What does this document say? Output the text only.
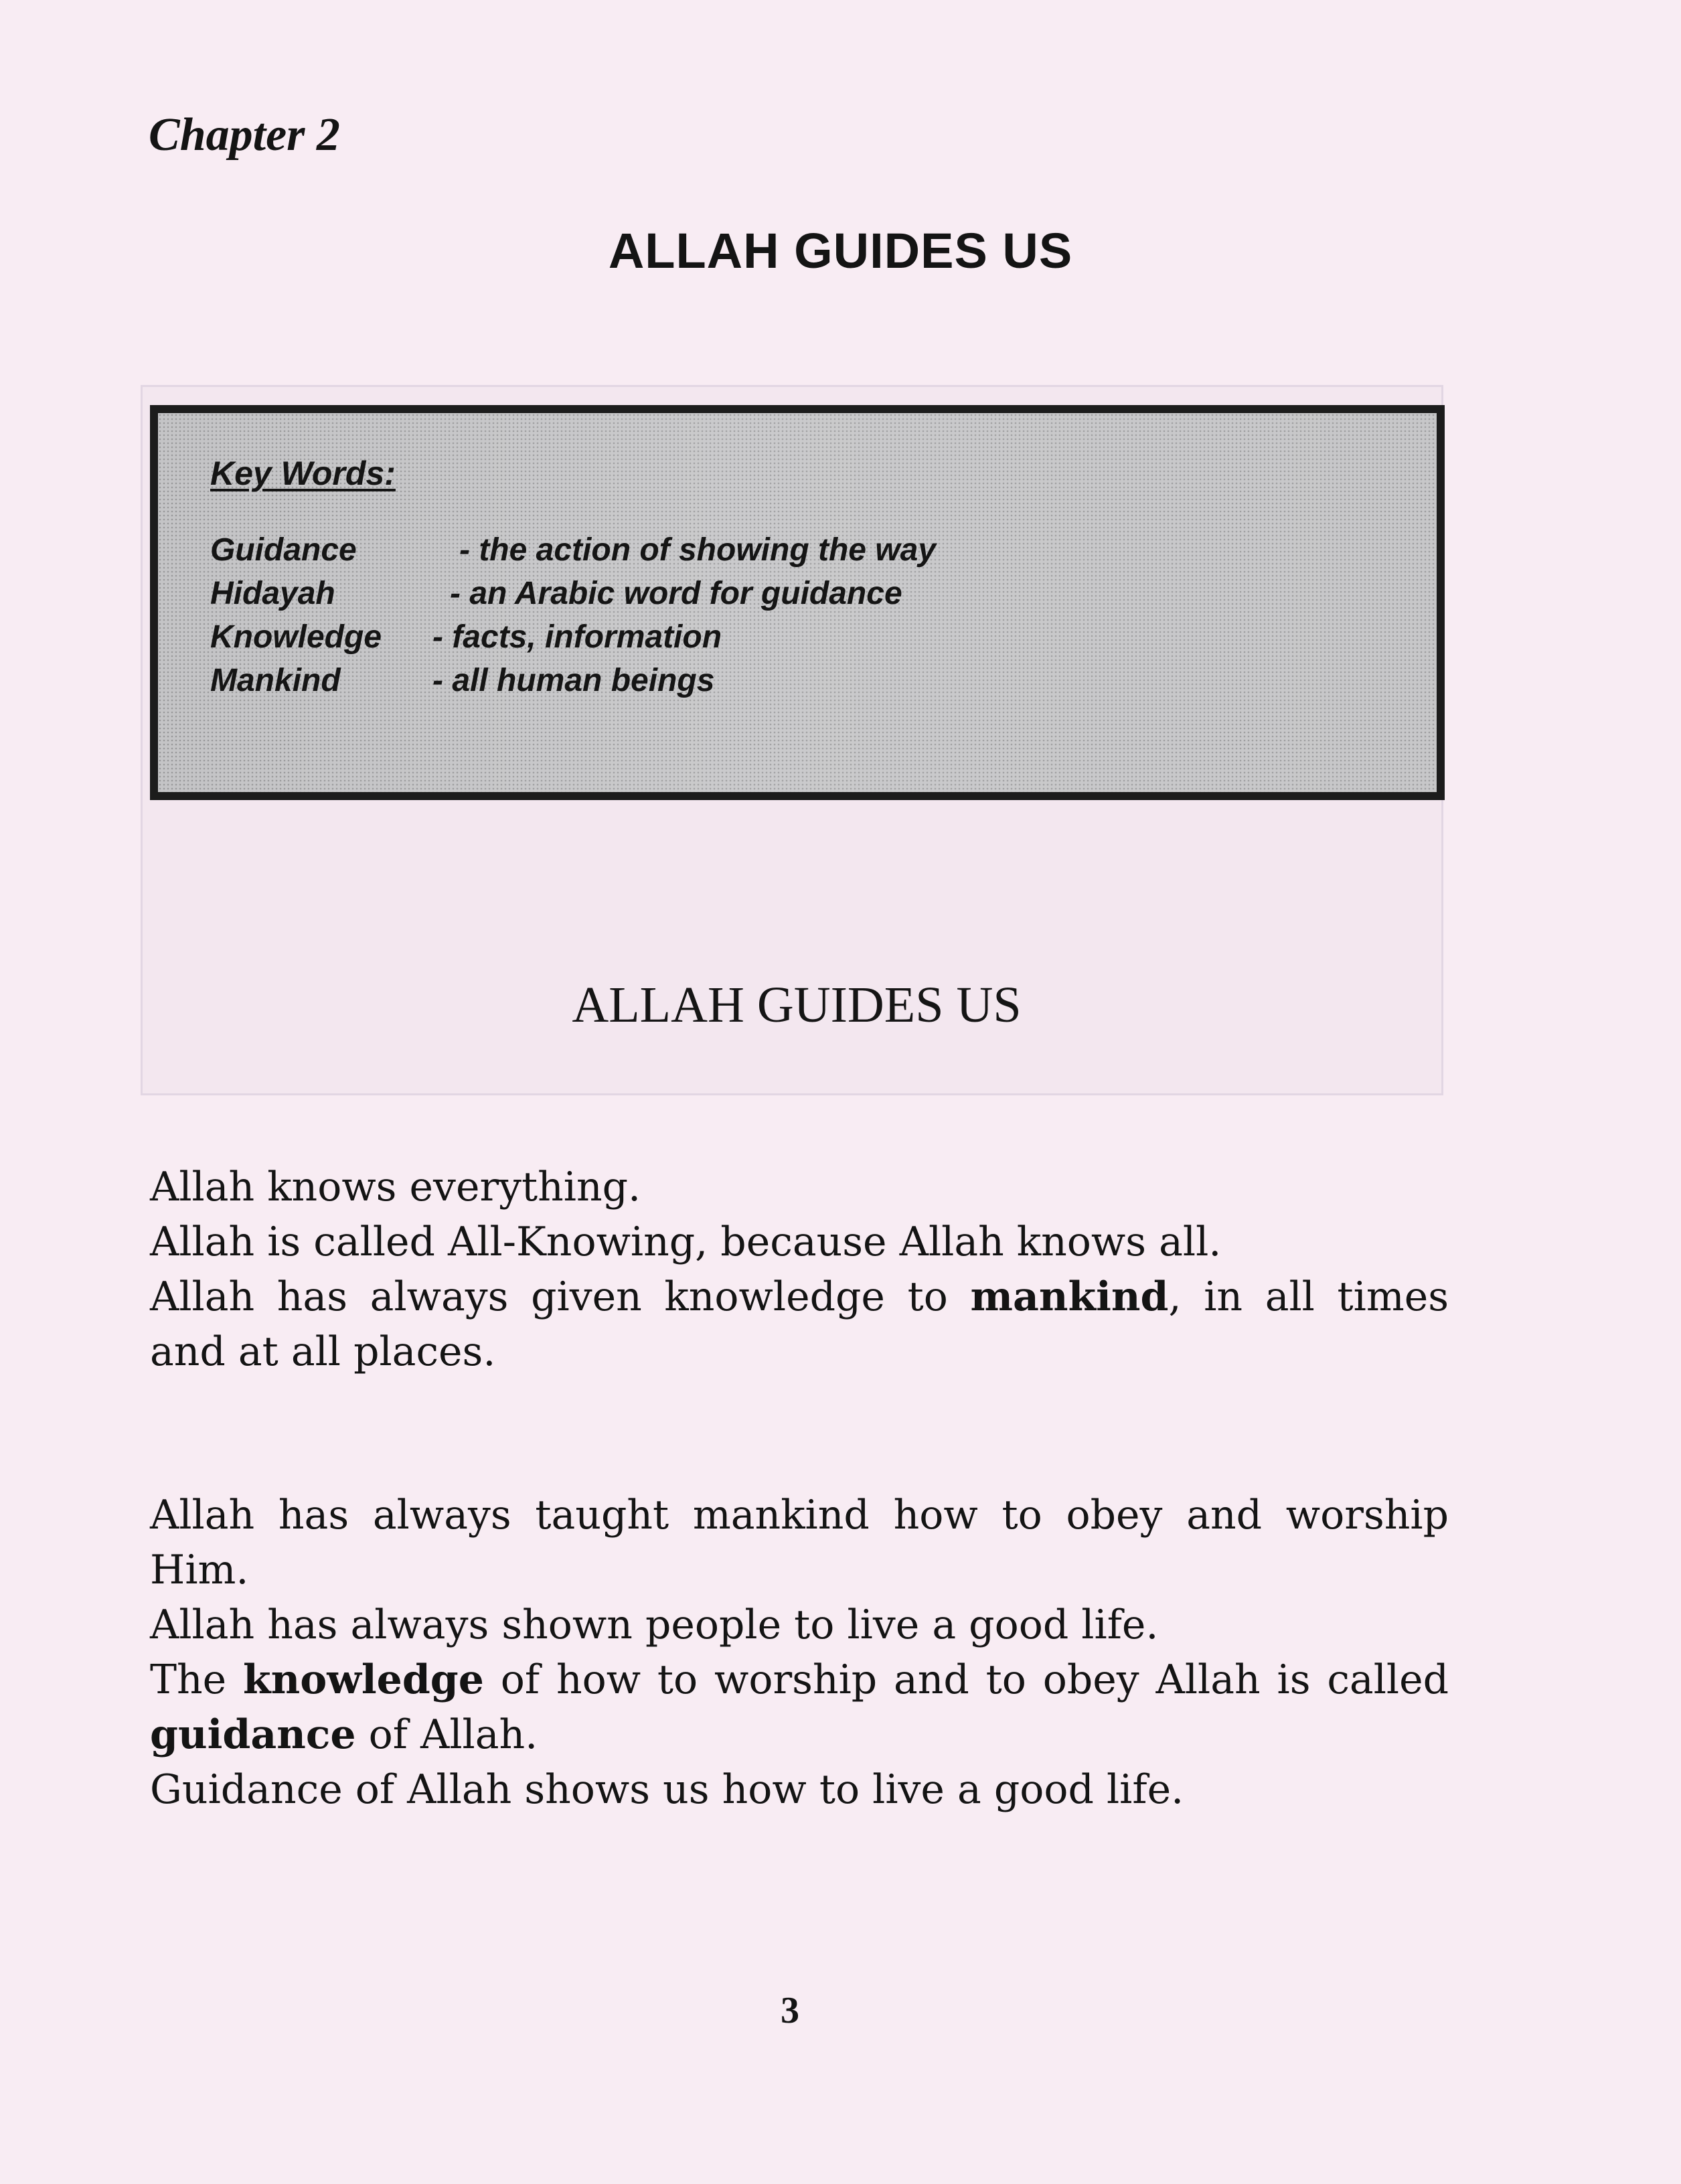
Chapter 2
ALLAH GUIDES US
Key Words:
Guidance	- the action of showing the way
Hidayah	- an Arabic word for guidance
Knowledge - facts, information
Mankind	- all human beings
ALLAH GUIDES US

Allah knows everything.

Allah is called All-Knowing, because Allah knows all.

Allah has always given knowledge to mankind, in all times and at all places.

Allah has always taught mankind how to obey and worship Him.

Allah has always shown people to live a good life.

The knowledge of how to worship and to obey Allah is called guidance of Allah.

Guidance of Allah shows us how to live a good life.

3
